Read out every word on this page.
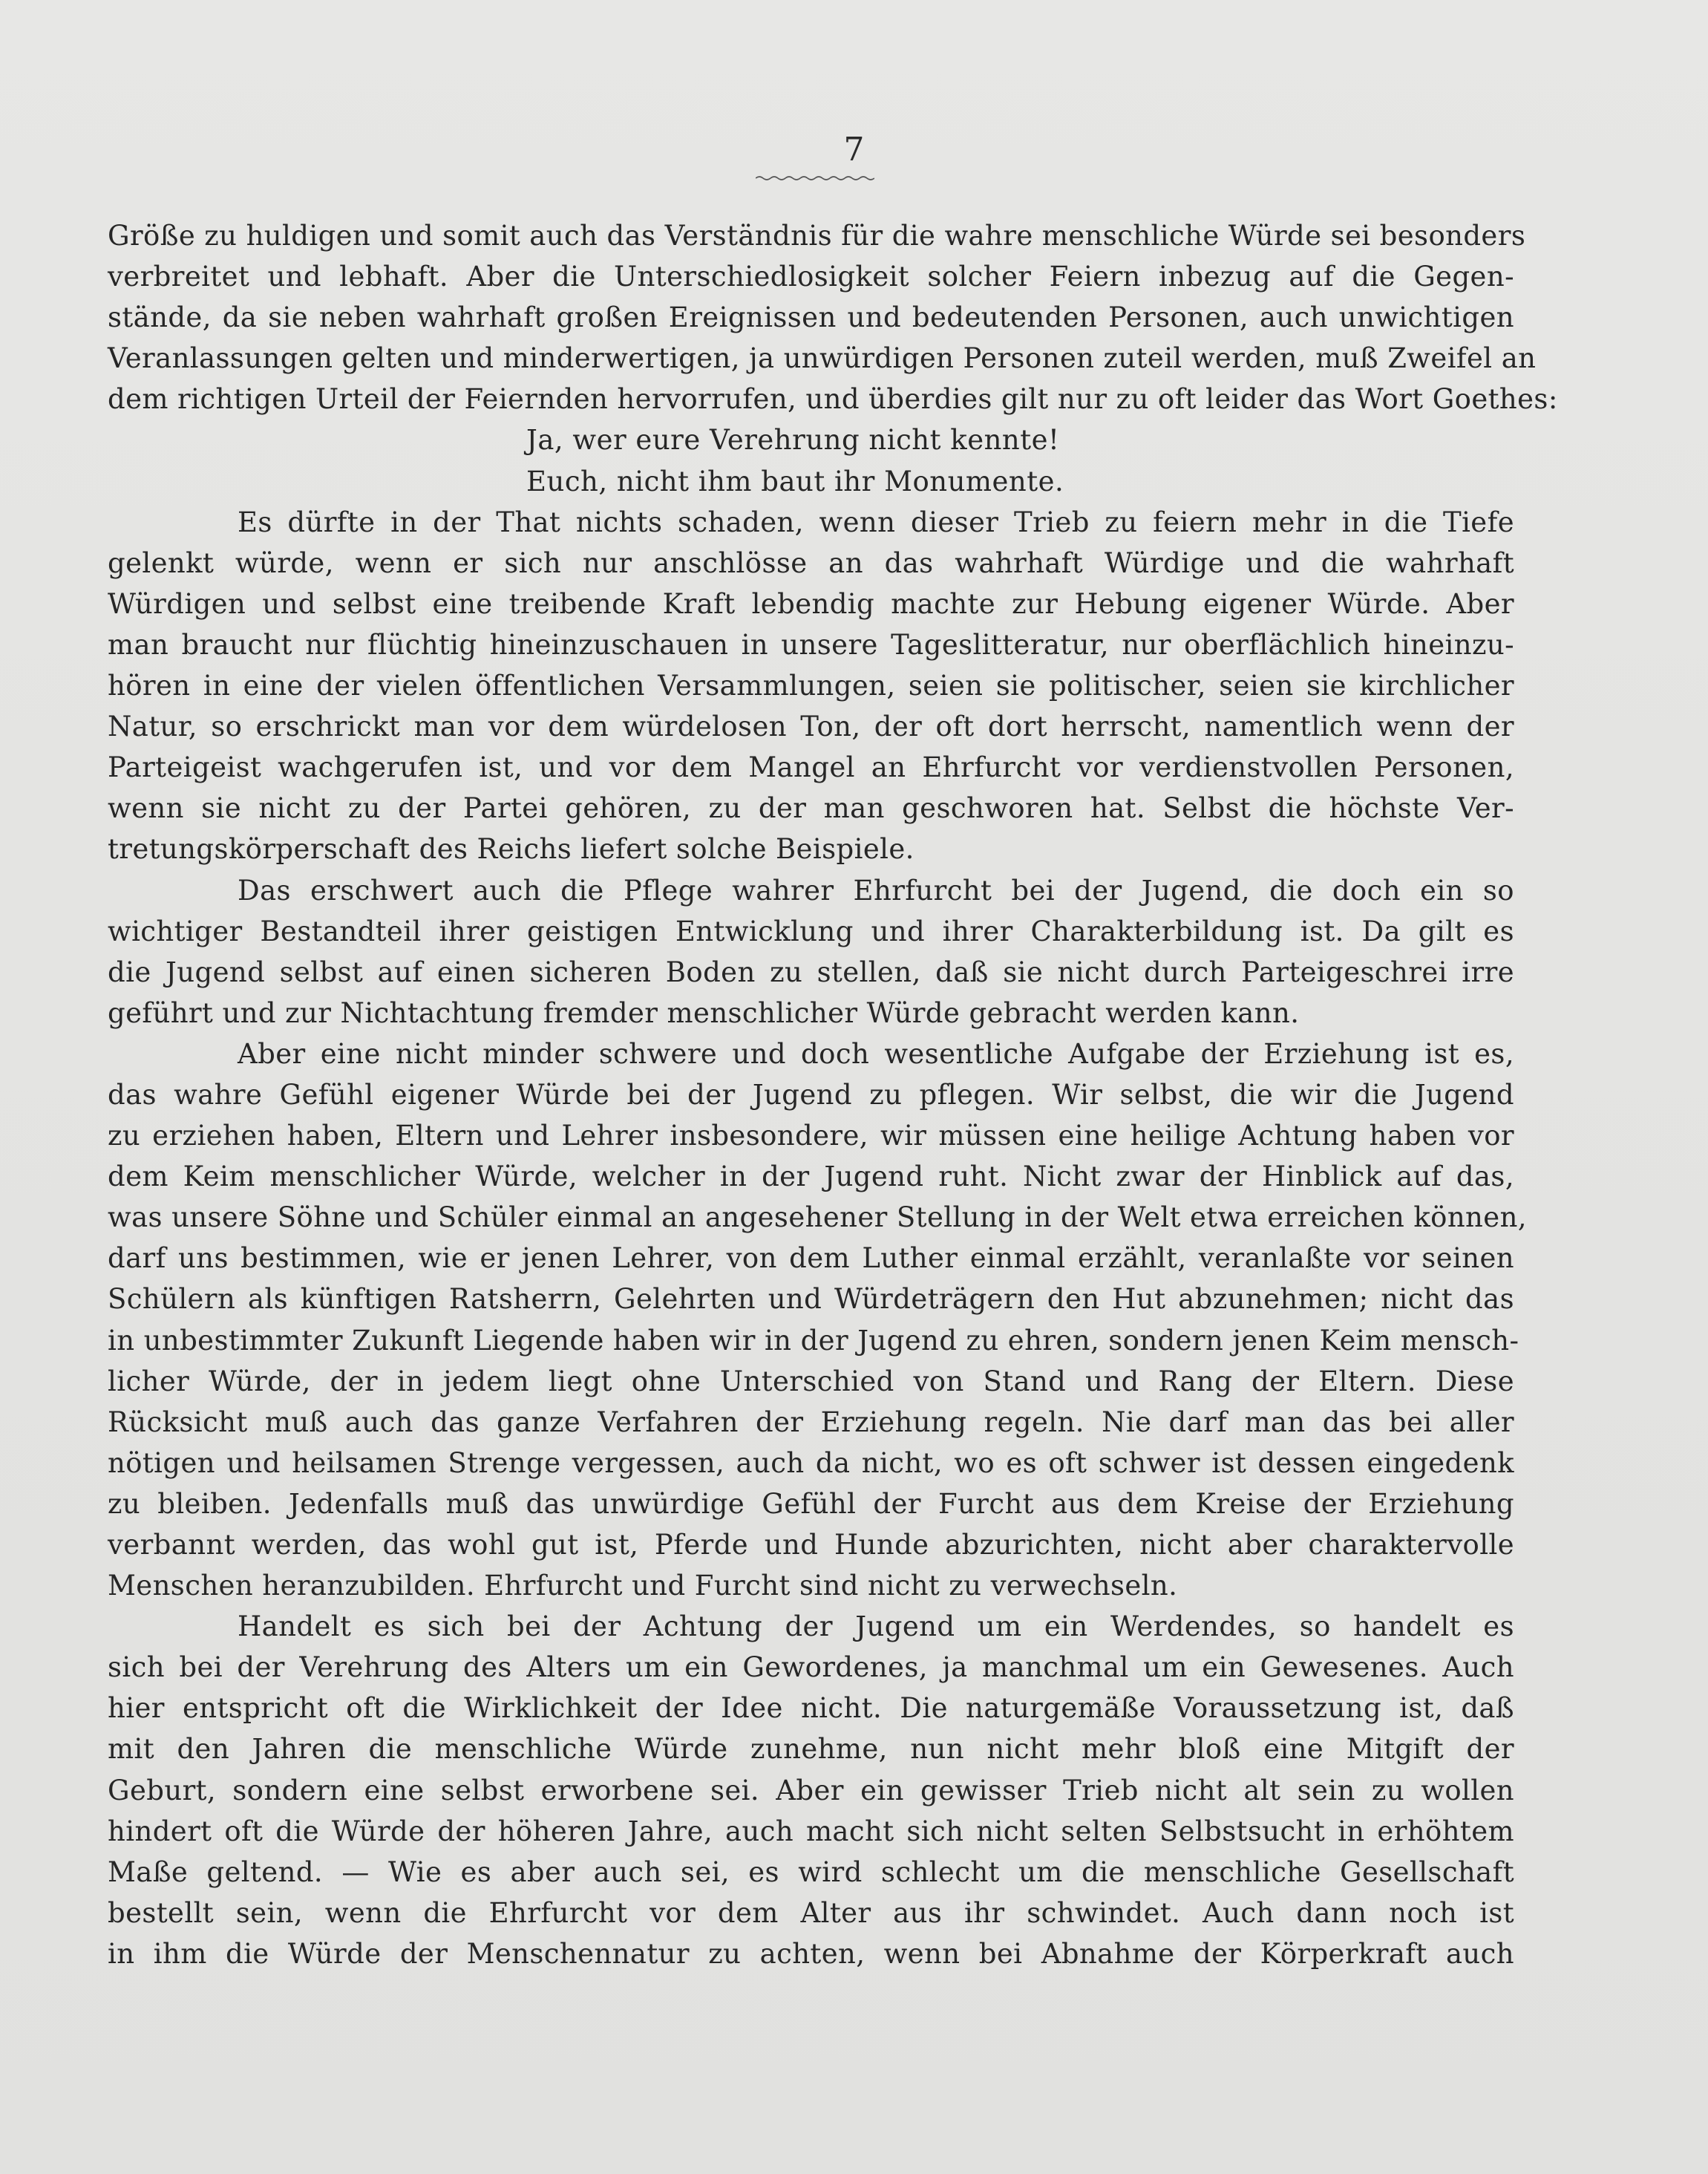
7
Größe zu huldigen und somit auch das Verständnis für die wahre menschliche Würde sei besonders
verbreitet und lebhaft. Aber die Unterschiedlosigkeit solcher Feiern inbezug auf die Gegen-
stände, da sie neben wahrhaft großen Ereignissen und bedeutenden Personen, auch unwichtigen
Veranlassungen gelten und minderwertigen, ja unwürdigen Personen zuteil werden, muß Zweifel an
dem richtigen Urteil der Feiernden hervorrufen, und überdies gilt nur zu oft leider das Wort Goethes:
Ja, wer eure Verehrung nicht kennte!
Euch, nicht ihm baut ihr Monumente.
Es dürfte in der That nichts schaden, wenn dieser Trieb zu feiern mehr in die Tiefe
gelenkt würde, wenn er sich nur anschlösse an das wahrhaft Würdige und die wahrhaft
Würdigen und selbst eine treibende Kraft lebendig machte zur Hebung eigener Würde. Aber
man braucht nur flüchtig hineinzuschauen in unsere Tageslitteratur, nur oberflächlich hineinzu-
hören in eine der vielen öffentlichen Versammlungen, seien sie politischer, seien sie kirchlicher
Natur, so erschrickt man vor dem würdelosen Ton, der oft dort herrscht, namentlich wenn der
Parteigeist wachgerufen ist, und vor dem Mangel an Ehrfurcht vor verdienstvollen Personen,
wenn sie nicht zu der Partei gehören, zu der man geschworen hat. Selbst die höchste Ver-
tretungskörperschaft des Reichs liefert solche Beispiele.
Das erschwert auch die Pflege wahrer Ehrfurcht bei der Jugend, die doch ein so
wichtiger Bestandteil ihrer geistigen Entwicklung und ihrer Charakterbildung ist. Da gilt es
die Jugend selbst auf einen sicheren Boden zu stellen, daß sie nicht durch Parteigeschrei irre
geführt und zur Nichtachtung fremder menschlicher Würde gebracht werden kann.
Aber eine nicht minder schwere und doch wesentliche Aufgabe der Erziehung ist es,
das wahre Gefühl eigener Würde bei der Jugend zu pflegen. Wir selbst, die wir die Jugend
zu erziehen haben, Eltern und Lehrer insbesondere, wir müssen eine heilige Achtung haben vor
dem Keim menschlicher Würde, welcher in der Jugend ruht. Nicht zwar der Hinblick auf das,
was unsere Söhne und Schüler einmal an angesehener Stellung in der Welt etwa erreichen können,
darf uns bestimmen, wie er jenen Lehrer, von dem Luther einmal erzählt, veranlaßte vor seinen
Schülern als künftigen Ratsherrn, Gelehrten und Würdeträgern den Hut abzunehmen; nicht das
in unbestimmter Zukunft Liegende haben wir in der Jugend zu ehren, sondern jenen Keim mensch-
licher Würde, der in jedem liegt ohne Unterschied von Stand und Rang der Eltern. Diese
Rücksicht muß auch das ganze Verfahren der Erziehung regeln. Nie darf man das bei aller
nötigen und heilsamen Strenge vergessen, auch da nicht, wo es oft schwer ist dessen eingedenk
zu bleiben. Jedenfalls muß das unwürdige Gefühl der Furcht aus dem Kreise der Erziehung
verbannt werden, das wohl gut ist, Pferde und Hunde abzurichten, nicht aber charaktervolle
Menschen heranzubilden. Ehrfurcht und Furcht sind nicht zu verwechseln.
Handelt es sich bei der Achtung der Jugend um ein Werdendes, so handelt es
sich bei der Verehrung des Alters um ein Gewordenes, ja manchmal um ein Gewesenes. Auch
hier entspricht oft die Wirklichkeit der Idee nicht. Die naturgemäße Voraussetzung ist, daß
mit den Jahren die menschliche Würde zunehme, nun nicht mehr bloß eine Mitgift der
Geburt, sondern eine selbst erworbene sei. Aber ein gewisser Trieb nicht alt sein zu wollen
hindert oft die Würde der höheren Jahre, auch macht sich nicht selten Selbstsucht in erhöhtem
Maße geltend. — Wie es aber auch sei, es wird schlecht um die menschliche Gesellschaft
bestellt sein, wenn die Ehrfurcht vor dem Alter aus ihr schwindet. Auch dann noch ist
in ihm die Würde der Menschennatur zu achten, wenn bei Abnahme der Körperkraft auch
